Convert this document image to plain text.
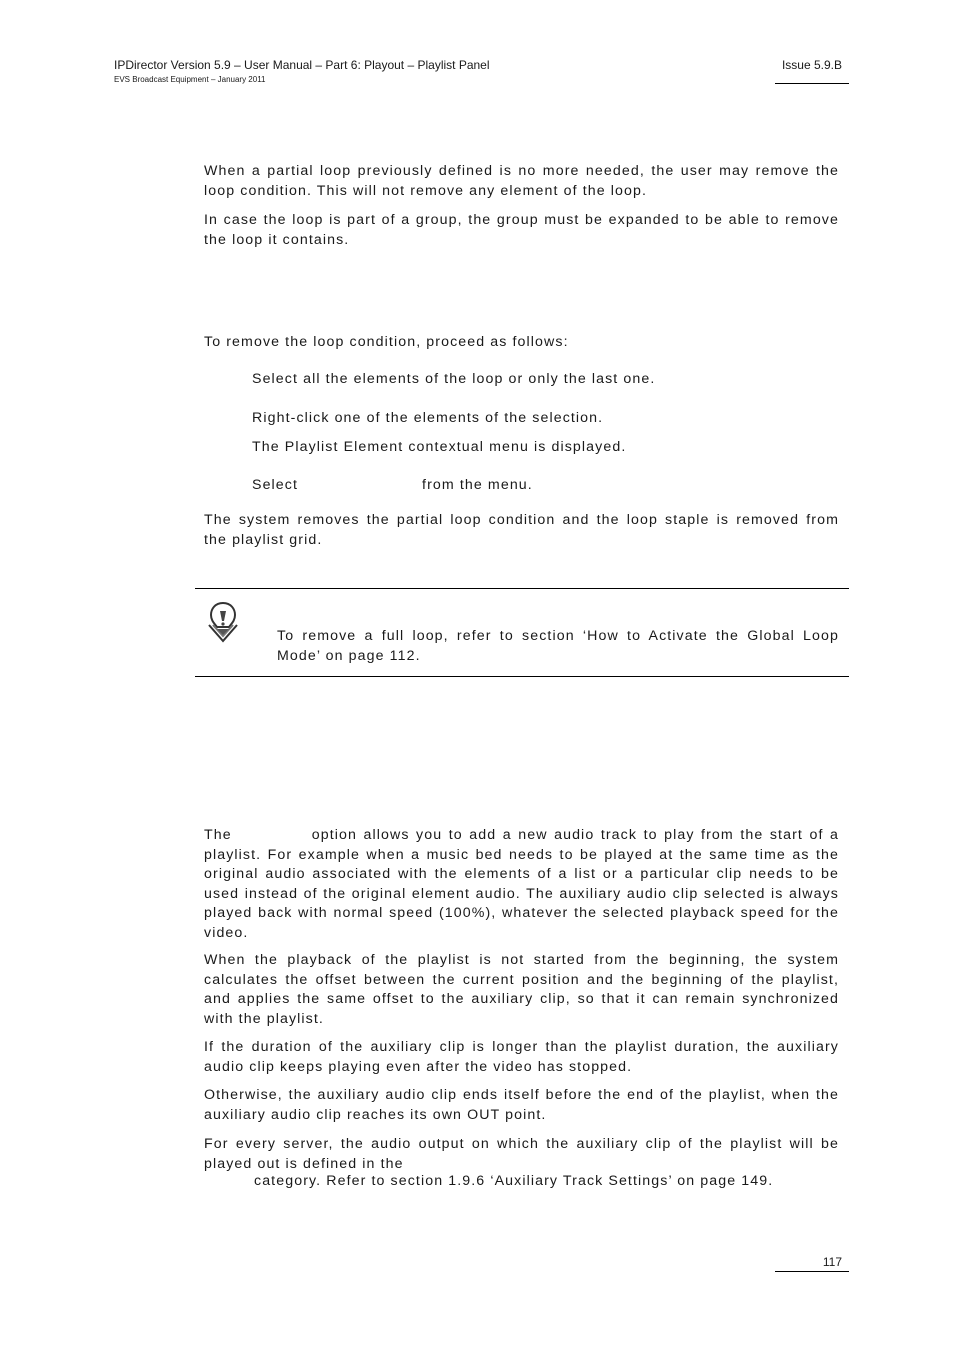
IPDirector Version 5.9 – User Manual – Part 6: Playout – Playlist Panel
EVS Broadcast Equipment – January 2011
Issue 5.9.B

When a partial loop previously defined is no more needed, the user may remove the loop condition. This will not remove any element of the loop.

In case the loop is part of a group, the group must be expanded to be able to remove the loop it contains.

To remove the loop condition, proceed as follows:

Select all the elements of the loop or only the last one.

Right-click one of the elements of the selection.

The Playlist Element contextual menu is displayed.

Select	from the menu.

The system removes the partial loop condition and the loop staple is removed from the playlist grid.

To remove a full loop, refer to section ‘How to Activate the Global Loop Mode’ on page 112.

The	option allows you to add a new audio track to play from the start of a playlist. For example when a music bed needs to be played at the same time as the original audio associated with the elements of a list or a particular clip needs to be used instead of the original element audio. The auxiliary audio clip selected is always played back with normal speed (100%), whatever the selected playback speed for the video.

When the playback of the playlist is not started from the beginning, the system calculates the offset between the current position and the beginning of the playlist, and applies the same offset to the auxiliary clip, so that it can remain synchronized with the playlist.

If the duration of the auxiliary clip is longer than the playlist duration, the auxiliary audio clip keeps playing even after the video has stopped.

Otherwise, the auxiliary audio clip ends itself before the end of the playlist, when the auxiliary audio clip reaches its own OUT point.

For every server, the audio output on which the auxiliary clip of the playlist will be played out is defined in the

category. Refer to section 1.9.6 ‘Auxiliary Track Settings’ on page 149.

117
